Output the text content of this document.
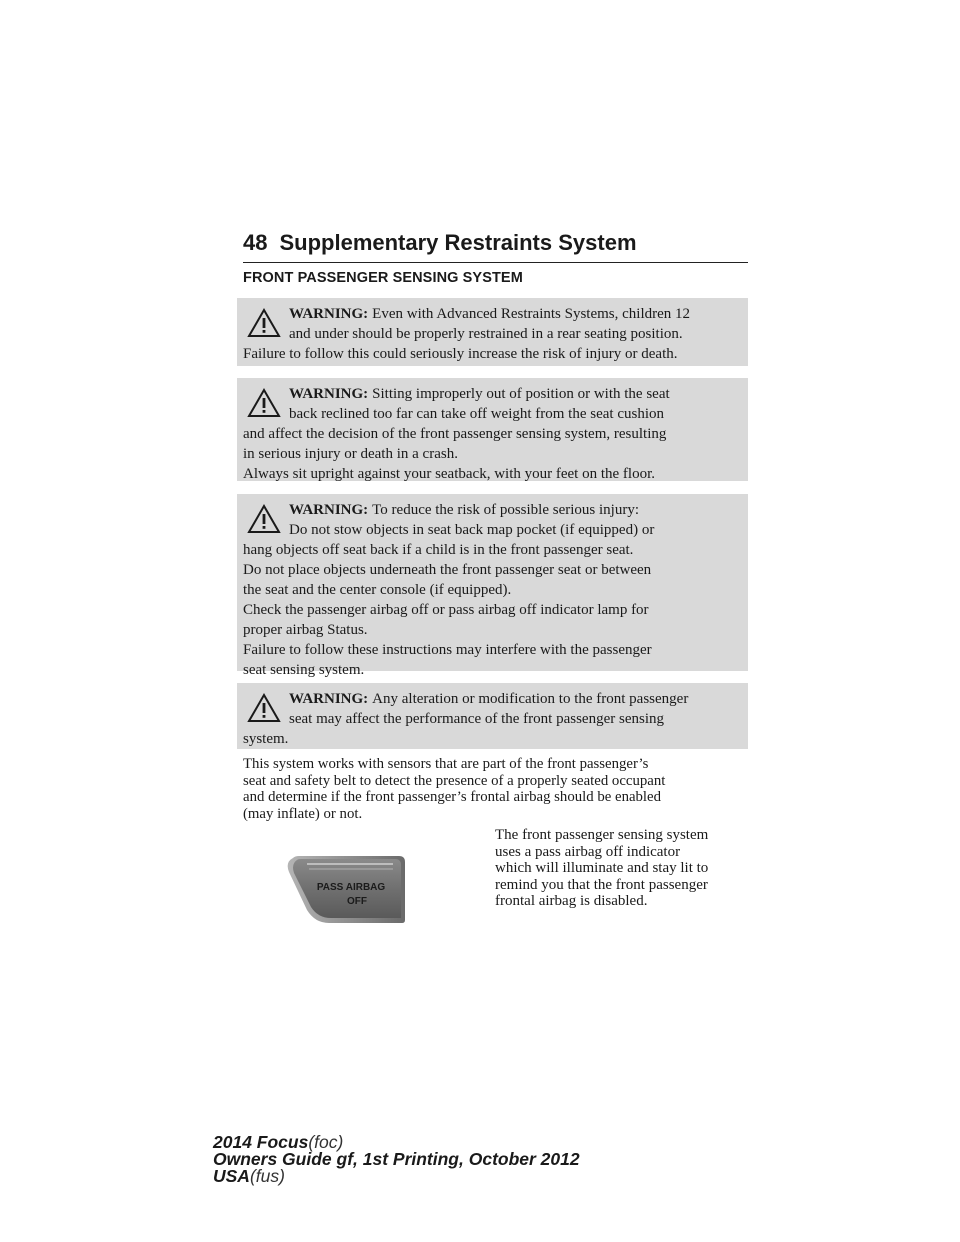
48 Supplementary Restraints System
FRONT PASSENGER SENSING SYSTEM
WARNING: Even with Advanced Restraints Systems, children 12
and under should be properly restrained in a rear seating position.
Failure to follow this could seriously increase the risk of injury or death.
WARNING: Sitting improperly out of position or with the seat
back reclined too far can take off weight from the seat cushion
and affect the decision of the front passenger sensing system, resulting
in serious injury or death in a crash.
Always sit upright against your seatback, with your feet on the floor.
WARNING: To reduce the risk of possible serious injury:
Do not stow objects in seat back map pocket (if equipped) or
hang objects off seat back if a child is in the front passenger seat.
Do not place objects underneath the front passenger seat or between
the seat and the center console (if equipped).
Check the passenger airbag off or pass airbag off indicator lamp for
proper airbag Status.
Failure to follow these instructions may interfere with the passenger
seat sensing system.
WARNING: Any alteration or modification to the front passenger
seat may affect the performance of the front passenger sensing
system.
This system works with sensors that are part of the front passenger’s
seat and safety belt to detect the presence of a properly seated occupant
and determine if the front passenger’s frontal airbag should be enabled
(may inflate) or not.
The front passenger sensing system
uses a pass airbag off indicator
which will illuminate and stay lit to
remind you that the front passenger
frontal airbag is disabled.
PASS AIRBAG
OFF
2014 Focus(foc)
Owners Guide gf, 1st Printing, October 2012
USA(fus)
